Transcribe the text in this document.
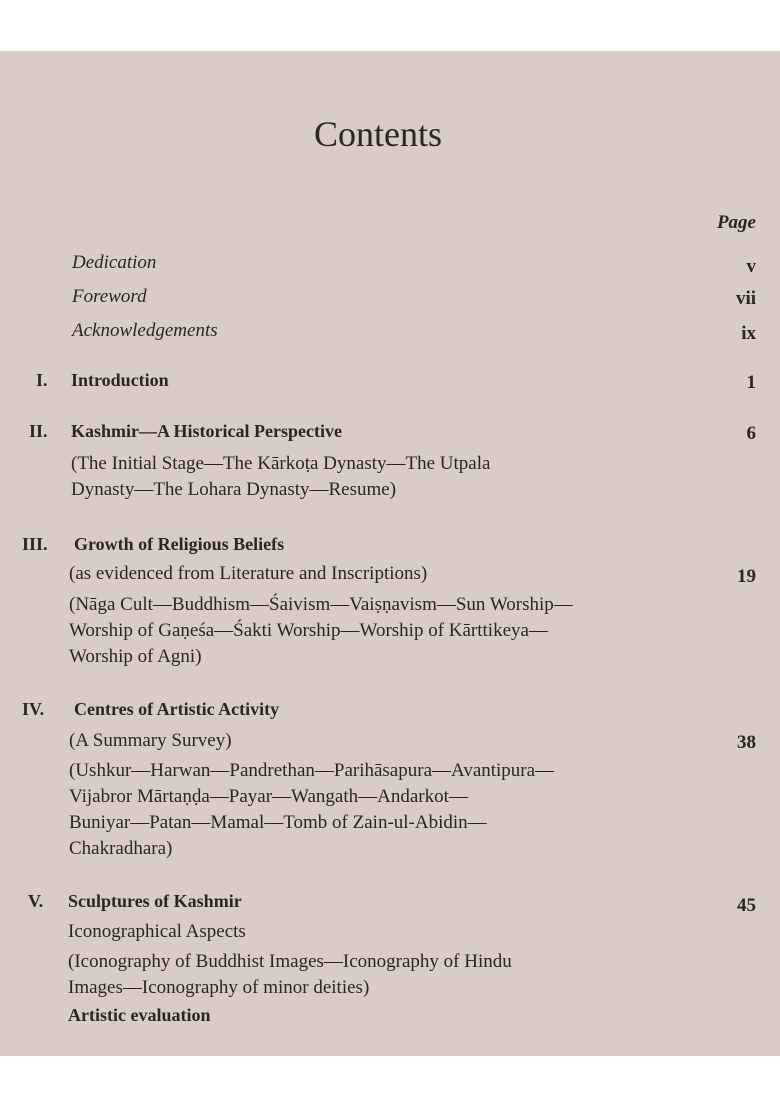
Contents
Page
Dedication	v
Foreword	vii
Acknowledgements	ix
I. Introduction	1
II. Kashmir—A Historical Perspective	6
(The Initial Stage—The Kārkoṭa Dynasty—The Utpala
Dynasty—The Lohara Dynasty—Resume)
III. Growth of Religious Beliefs
(as evidenced from Literature and Inscriptions)	19
(Nāga Cult—Buddhism—Śaivism—Vaiṣṇavism—Sun Worship—
Worship of Gaṇeśa—Śakti Worship—Worship of Kārttikeya—
Worship of Agni)
IV. Centres of Artistic Activity
(A Summary Survey)	38
(Ushkur—Harwan—Pandrethan—Parihāsapura—Avantipura—
Vijabror Mārtaṇḍa—Payar—Wangath—Andarkot—
Buniyar—Patan—Mamal—Tomb of Zain-ul-Abidin—
Chakradhara)
V. Sculptures of Kashmir	45
Iconographical Aspects
(Iconography of Buddhist Images—Iconography of Hindu
Images—Iconography of minor deities)
Artistic evaluation
